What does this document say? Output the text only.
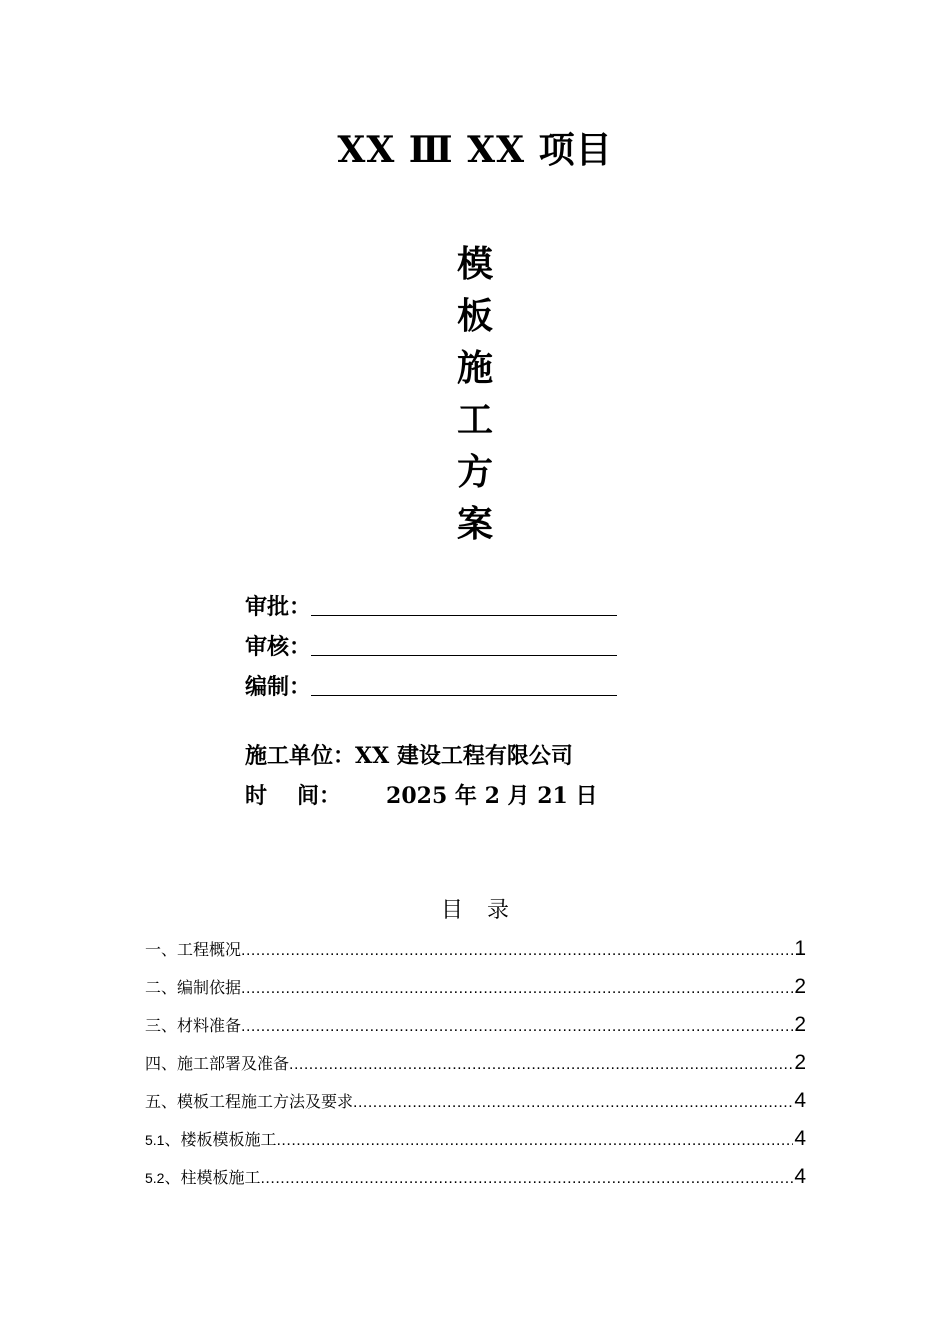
XX Ⅲ XX 项目
模
板
施
工
方
案
审批：
审核：
编制：
施工单位：XX 建设工程有限公司
时 间： 2025 年 2 月 21 日
目 录
一、工程概况 .....	1
二、编制依据 .....	2
三、材料准备 .....	2
四、施工部署及准备 .....	2
五、模板工程施工方法及要求 .....	4
5.1、楼板模板施工 .....	4
5.2、柱模板施工 .....	4
